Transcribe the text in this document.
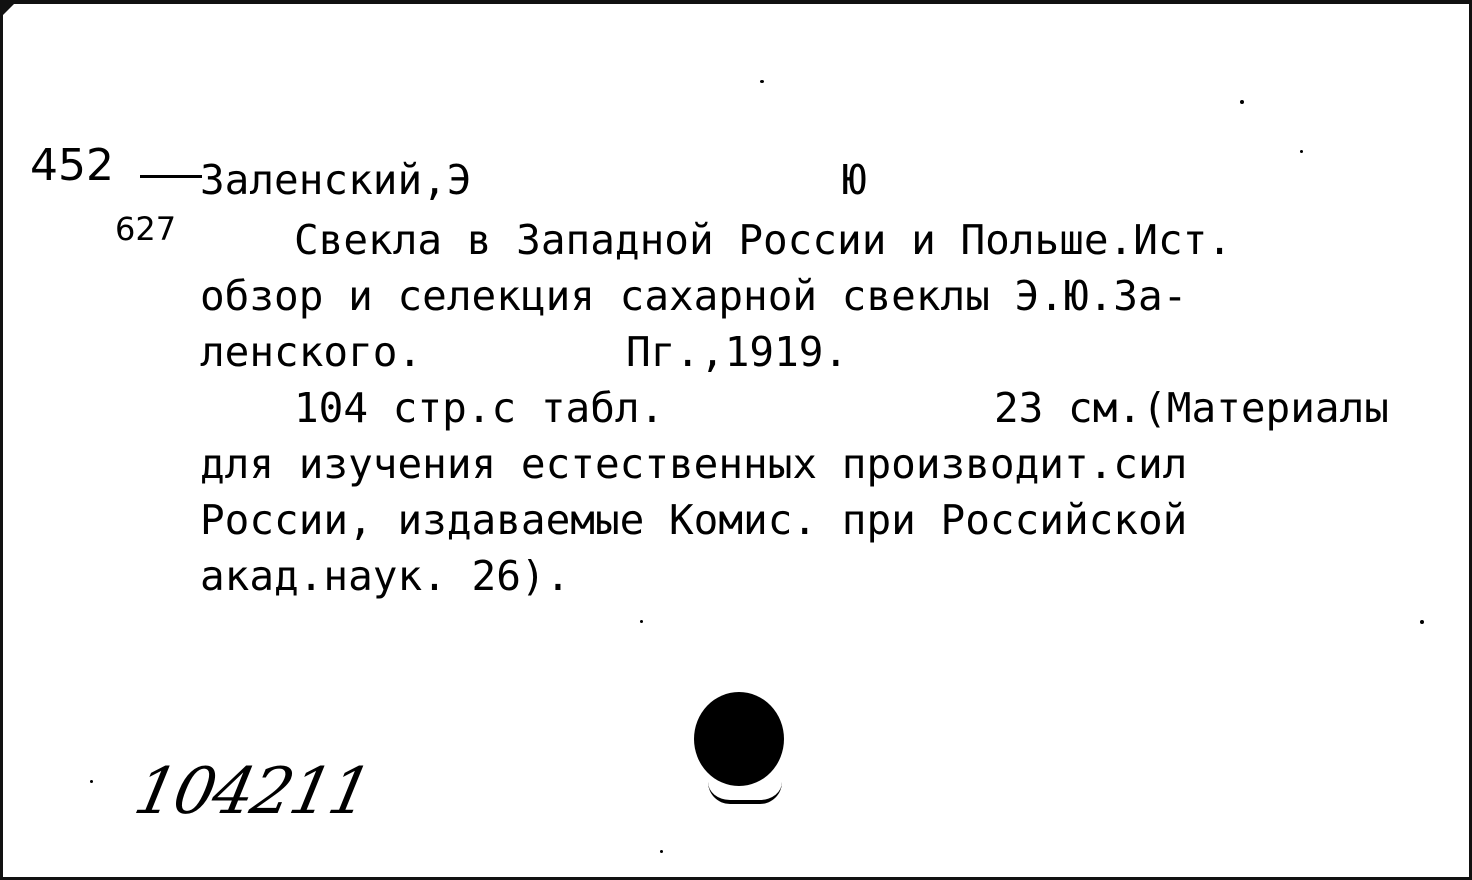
452
627
Заленский,Э	Ю
Свекла в Западной России и Польше.Ист.
обзор и селекция сахарной свеклы Э.Ю.За-
ленского.	Пг.,1919.
104 стр.с табл.	23 см.(Материалы
для изучения естественных производит.сил
России, издаваемые Комис. при Российской
акад.наук. 26).
104211
